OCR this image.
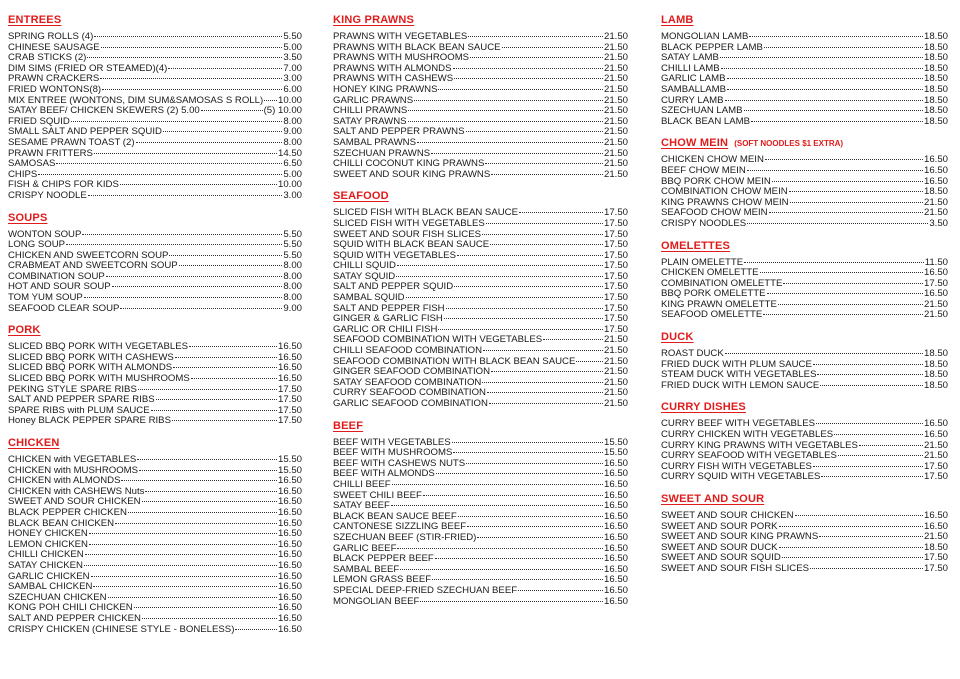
ENTREES
SPRING ROLLS (4)	5.50
CHINESE SAUSAGE	5.00
CRAB STICKS (2)	3.50
DIM SIMS (FRIED OR STEAMED)(4)	7.00
PRAWN CRACKERS	3.00
FRIED WONTONS(8)	6.00
MIX ENTREE (WONTONS, DIM SUM&SAMOSAS S ROLL) 10.00
SATAY BEEF/ CHICKEN SKEWERS (2) 5.00	(5) 10.00
FRIED SQUID	8.00
SMALL SALT AND PEPPER SQUID	9.00
SESAME PRAWN TOAST (2)	8.00
PRAWN FRITTERS	14.50
SAMOSAS	6.50
CHIPS	5.00
FISH & CHIPS FOR KIDS	10.00
CRISPY NOODLE	3.00
SOUPS
WONTON SOUP	5.50
LONG SOUP	5.50
CHICKEN AND SWEETCORN SOUP	5.50
CRABMEAT AND SWEETCORN SOUP	8.00
COMBINATION SOUP	8.00
HOT AND SOUR SOUP	8.00
TOM YUM SOUP	8.00
SEAFOOD CLEAR SOUP	9.00
PORK
SLICED BBQ PORK WITH VEGETABLES	16.50
SLICED BBQ PORK WITH CASHEWS	16.50
SLICED BBQ PORK WITH ALMONDS	16.50
SLICED BBQ PORK WITH MUSHROOMS	16.50
PEKING STYLE SPARE RIBS	17.50
SALT AND PEPPER SPARE RIBS	17.50
SPARE RIBS with PLUM SAUCE	17.50
Honey BLACK PEPPER SPARE RIBS	17.50
CHICKEN
CHICKEN with VEGETABLES	15.50
CHICKEN with MUSHROOMS	15.50
CHICKEN with ALMONDS	16.50
CHICKEN with CASHEWS Nuts	16.50
SWEET AND SOUR CHICKEN	16.50
BLACK PEPPER CHICKEN	16.50
BLACK BEAN CHICKEN	16.50
HONEY CHICKEN	16.50
LEMON CHICKEN	16.50
CHILLI CHICKEN	16.50
SATAY CHICKEN	16.50
GARLIC CHICKEN	16.50
SAMBAL CHICKEN	16.50
SZECHUAN CHICKEN	16.50
KONG POH CHILI CHICKEN	16.50
SALT AND PEPPER CHICKEN	16.50
CRISPY CHICKEN (CHINESE STYLE - BONELESS)	16.50
KING PRAWNS
PRAWNS WITH VEGETABLES	21.50
PRAWNS WITH BLACK BEAN SAUCE	21.50
PRAWNS WITH MUSHROOMS	21.50
PRAWNS WITH ALMONDS	21.50
PRAWNS WITH CASHEWS	21.50
HONEY KING PRAWNS	21.50
GARLIC PRAWNS	21.50
CHILLI PRAWNS	21.50
SATAY PRAWNS	21.50
SALT AND PEPPER PRAWNS	21.50
SAMBAL PRAWNS	21.50
SZECHUAN PRAWNS	21.50
CHILLI COCONUT KING PRAWNS	21.50
SWEET AND SOUR KING PRAWNS	21.50
SEAFOOD
SLICED FISH WITH BLACK BEAN SAUCE	17.50
SLICED FISH WITH VEGETABLES	17.50
SWEET AND SOUR FISH SLICES	17.50
SQUID WITH BLACK BEAN SAUCE	17.50
SQUID WITH VEGETABLES	17.50
CHILLI SQUID	17.50
SATAY SQUID	17.50
SALT AND PEPPER SQUID	17.50
SAMBAL SQUID	17.50
SALT AND PEPPER FISH	17.50
GINGER & GARLIC FISH	17.50
GARLIC OR CHILI FISH	17.50
SEAFOOD COMBINATION WITH VEGETABLES	21.50
CHILLI SEAFOOD COMBINATION	21.50
SEAFOOD COMBINATION WITH BLACK BEAN SAUCE	21.50
GINGER SEAFOOD COMBINATION	21.50
SATAY SEAFOOD COMBINATION	21.50
CURRY SEAFOOD COMBINATION	21.50
GARLIC SEAFOOD COMBINATION	21.50
BEEF
BEEF WITH VEGETABLES	15.50
BEEF WITH MUSHROOMS	15.50
BEEF WITH CASHEWS NUTS	16.50
BEEF WITH ALMONDS	16.50
CHILLI BEEF	16.50
SWEET CHILI BEEF	16.50
SATAY BEEF	16.50
BLACK BEAN SAUCE BEEF	16.50
CANTONESE SIZZLING BEEF	16.50
SZECHUAN BEEF (STIR-FRIED)	16.50
GARLIC BEEF	16.50
BLACK PEPPER BEEF	16.50
SAMBAL BEEF	16.50
LEMON GRASS BEEF	16.50
SPECIAL DEEP-FRIED SZECHUAN BEEF	16.50
MONGOLIAN BEEF	16.50
LAMB
MONGOLIAN LAMB	18.50
BLACK PEPPER LAMB	18.50
SATAY LAMB	18.50
CHILLI LAMB	18.50
GARLIC LAMB	18.50
SAMBALLAMB	18.50
CURRY LAMB	18.50
SZECHUAN LAMB	18.50
BLACK BEAN LAMB	18.50
CHOW MEIN (SOFT NOODLES $1 EXTRA)
CHICKEN CHOW MEIN	16.50
BEEF CHOW MEIN	16.50
BBQ PORK CHOW MEIN	16.50
COMBINATION CHOW MEIN	18.50
KING PRAWNS CHOW MEIN	21.50
SEAFOOD CHOW MEIN	21.50
CRISPY NOODLES	3.50
OMELETTES
PLAIN OMELETTE	11.50
CHICKEN OMELETTE	16.50
COMBINATION OMELETTE	17.50
BBQ PORK OMELETTE	16.50
KING PRAWN OMELETTE	21.50
SEAFOOD OMELETTE	21.50
DUCK
ROAST DUCK	18.50
FRIED DUCK WITH PLUM SAUCE	18.50
STEAM DUCK WITH VEGETABLES	18.50
FRIED DUCK WITH LEMON SAUCE	18.50
CURRY DISHES
CURRY BEEF WITH VEGETABLES	16.50
CURRY CHICKEN WITH VEGETABLES	16.50
CURRY KING PRAWNS WITH VEGETABLES	21.50
CURRY SEAFOOD WITH VEGETABLES	21.50
CURRY FISH WITH VEGETABLES	17.50
CURRY SQUID WITH VEGETABLES	17.50
SWEET AND SOUR
SWEET AND SOUR CHICKEN	16.50
SWEET AND SOUR PORK	16.50
SWEET AND SOUR KING PRAWNS	21.50
SWEET AND SOUR DUCK	18.50
SWEET AND SOUR SQUID	17.50
SWEET AND SOUR FISH SLICES	17.50
